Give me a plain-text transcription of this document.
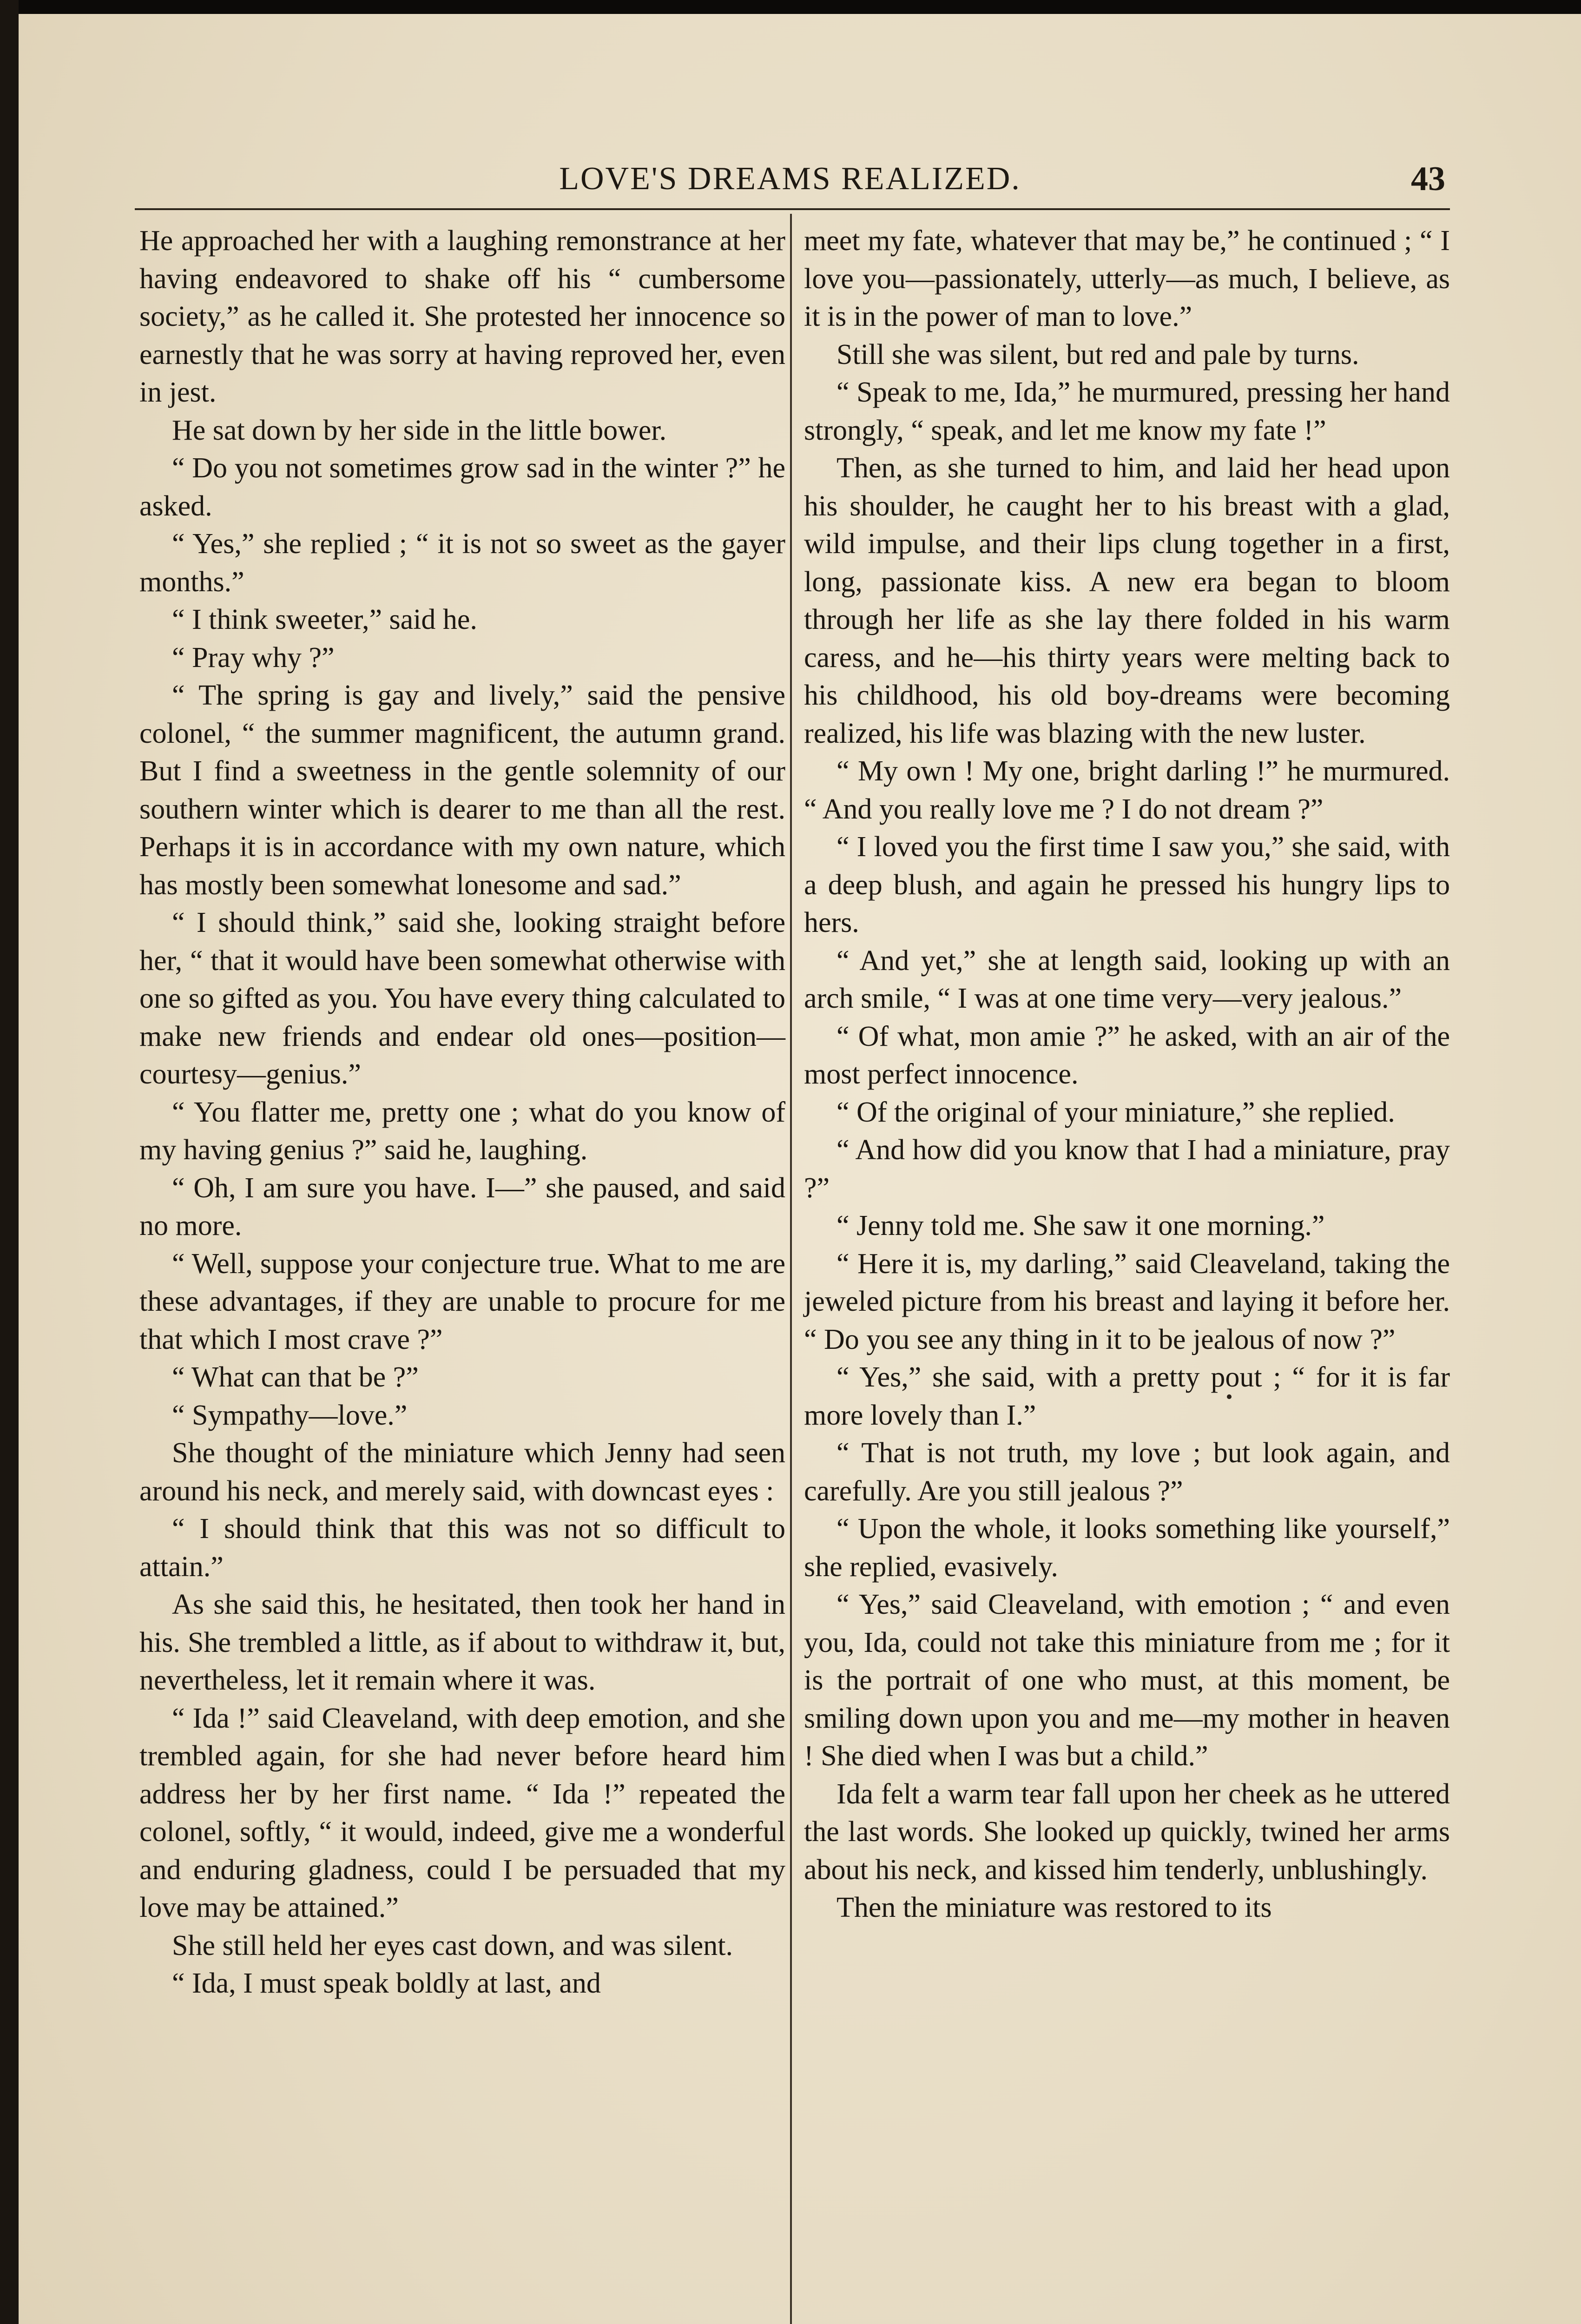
LOVE'S DREAMS REALIZED.	43

He approached her with a laughing remonstrance at her having endeavored to shake off his “ cumbersome society,” as he called it. She protested her innocence so earnestly that he was sorry at having reproved her, even in jest.

He sat down by her side in the little bower.

“ Do you not sometimes grow sad in the winter ?” he asked.

“ Yes,” she replied ; “ it is not so sweet as the gayer months.”

“ I think sweeter,” said he.

“ Pray why ?”

“ The spring is gay and lively,” said the pensive colonel, “ the summer magnificent, the autumn grand. But I find a sweetness in the gentle solemnity of our southern winter which is dearer to me than all the rest. Perhaps it is in accordance with my own nature, which has mostly been somewhat lonesome and sad.”

“ I should think,” said she, looking straight before her, “ that it would have been somewhat otherwise with one so gifted as you. You have every thing calculated to make new friends and endear old ones—position—courtesy—genius.”

“ You flatter me, pretty one ; what do you know of my having genius ?” said he, laughing.

“ Oh, I am sure you have. I—” she paused, and said no more.

“ Well, suppose your conjecture true. What to me are these advantages, if they are unable to procure for me that which I most crave ?”

“ What can that be ?”

“ Sympathy—love.”

She thought of the miniature which Jenny had seen around his neck, and merely said, with downcast eyes :

“ I should think that this was not so difficult to attain.”

As she said this, he hesitated, then took her hand in his. She trembled a little, as if about to withdraw it, but, nevertheless, let it remain where it was.

“ Ida !” said Cleaveland, with deep emotion, and she trembled again, for she had never before heard him address her by her first name. “ Ida !” repeated the colonel, softly, “ it would, indeed, give me a wonderful and enduring gladness, could I be persuaded that my love may be attained.”

She still held her eyes cast down, and was silent.

“ Ida, I must speak boldly at last, and

meet my fate, whatever that may be,” he continued ; “ I love you—passionately, utterly—as much, I believe, as it is in the power of man to love.”

Still she was silent, but red and pale by turns.

“ Speak to me, Ida,” he murmured, pressing her hand strongly, “ speak, and let me know my fate !”

Then, as she turned to him, and laid her head upon his shoulder, he caught her to his breast with a glad, wild impulse, and their lips clung together in a first, long, passionate kiss. A new era began to bloom through her life as she lay there folded in his warm caress, and he—his thirty years were melting back to his childhood, his old boy-dreams were becoming realized, his life was blazing with the new luster.

“ My own ! My one, bright darling !” he murmured. “ And you really love me ? I do not dream ?”

“ I loved you the first time I saw you,” she said, with a deep blush, and again he pressed his hungry lips to hers.

“ And yet,” she at length said, looking up with an arch smile, “ I was at one time very—very jealous.”

“ Of what, mon amie ?” he asked, with an air of the most perfect innocence.

“ Of the original of your miniature,” she replied.

“ And how did you know that I had a miniature, pray ?”

“ Jenny told me. She saw it one morning.”

“ Here it is, my darling,” said Cleaveland, taking the jeweled picture from his breast and laying it before her. “ Do you see any thing in it to be jealous of now ?”

“ Yes,” she said, with a pretty pout ; “ for it is far more lovely than I.”

“ That is not truth, my love ; but look again, and carefully. Are you still jealous ?”

“ Upon the whole, it looks something like yourself,” she replied, evasively.

“ Yes,” said Cleaveland, with emotion ; “ and even you, Ida, could not take this miniature from me ; for it is the portrait of one who must, at this moment, be smiling down upon you and me—my mother in heaven ! She died when I was but a child.”

Ida felt a warm tear fall upon her cheek as he uttered the last words. She looked up quickly, twined her arms about his neck, and kissed him tenderly, unblushingly.

Then the miniature was restored to its
